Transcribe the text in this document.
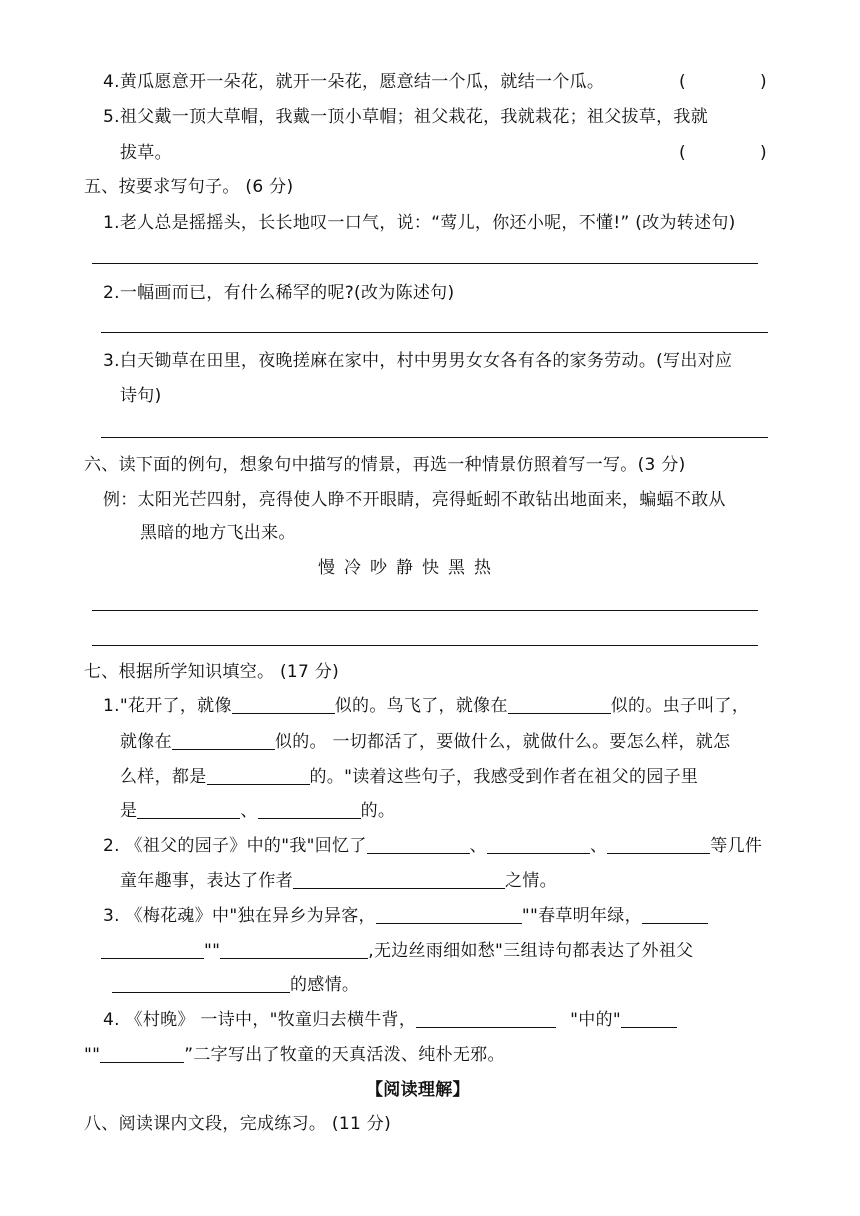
4.黄瓜愿意开一朵花，就开一朵花，愿意结一个瓜，就结一个瓜。	(	)
5.祖父戴一顶大草帽，我戴一顶小草帽；祖父栽花，我就栽花；祖父拔草，我就
拔草。	(	)
五、按要求写句子。 (6 分)
1.老人总是摇摇头，长长地叹一口气，说：“莺儿，你还小呢，不懂!” (改为转述句)
2.一幅画而已，有什么稀罕的呢?(改为陈述句)
3.白天锄草在田里，夜晚搓麻在家中，村中男男女女各有各的家务劳动。(写出对应
诗句)
六、读下面的例句，想象句中描写的情景，再选一种情景仿照着写一写。(3 分)
例：太阳光芒四射，亮得使人睁不开眼睛，亮得蚯蚓不敢钻出地面来，蝙蝠不敢从
黑暗的地方飞出来。
慢 冷 吵 静 快 黑 热
七、根据所学知识填空。 (17 分)
1."花开了，就像	似的。鸟飞了，就像在	似的。虫子叫了，
就像在	似的。 一切都活了，要做什么，就做什么。要怎么样，就怎
么样，都是	的。"读着这些句子，我感受到作者在祖父的园子里
是	、	的。
2. 《祖父的园子》中的"我"回忆了	、	、	等几件
童年趣事，表达了作者	之情。
3. 《梅花魂》中"独在异乡为异客，	""春草明年绿，
""	,无边丝雨细如愁"三组诗句都表达了外祖父
的感情。
4. 《村晚》 一诗中，"牧童归去横牛背，	"中的"
""	”二字写出了牧童的天真活泼、纯朴无邪。
【阅读理解】
八、阅读课内文段，完成练习。 (11 分)
